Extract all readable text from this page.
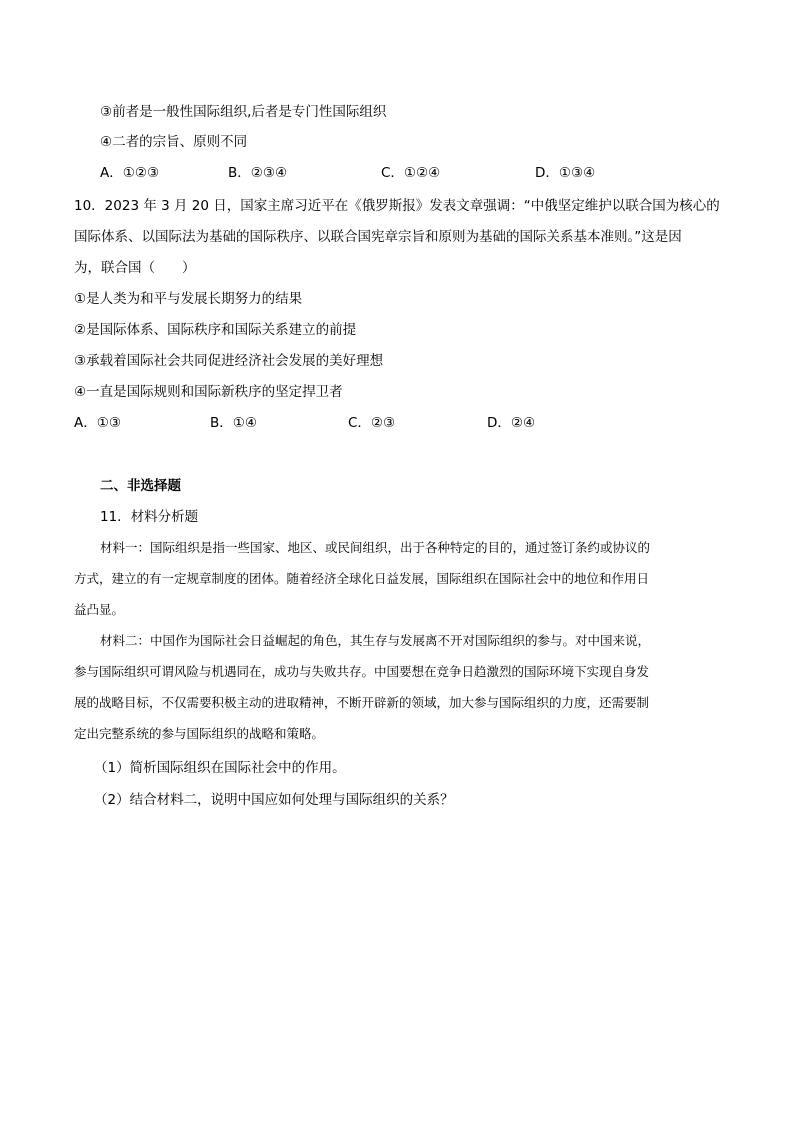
③前者是一般性国际组织,后者是专门性国际组织
④二者的宗旨、原则不同
A．①②③	B．②③④	C．①②④	D．①③④
10．2023 年 3 月 20 日，国家主席习近平在《俄罗斯报》发表文章强调：“中俄坚定维护以联合国为核心的
国际体系、以国际法为基础的国际秩序、以联合国宪章宗旨和原则为基础的国际关系基本准则。”这是因
为，联合国（　　）
①是人类为和平与发展长期努力的结果
②是国际体系、国际秩序和国际关系建立的前提
③承载着国际社会共同促进经济社会发展的美好理想
④一直是国际规则和国际新秩序的坚定捍卫者
A．①③	B．①④	C．②③	D．②④
二、非选择题
11．材料分析题
材料一：国际组织是指一些国家、地区、或民间组织，出于各种特定的目的，通过签订条约或协议的
方式，建立的有一定规章制度的团体。随着经济全球化日益发展，国际组织在国际社会中的地位和作用日
益凸显。
材料二：中国作为国际社会日益崛起的角色，其生存与发展离不开对国际组织的参与。对中国来说，
参与国际组织可谓风险与机遇同在，成功与失败共存。中国要想在竞争日趋激烈的国际环境下实现自身发
展的战略目标，不仅需要积极主动的进取精神，不断开辟新的领域，加大参与国际组织的力度，还需要制
定出完整系统的参与国际组织的战略和策略。
（1）简析国际组织在国际社会中的作用。
（2）结合材料二，说明中国应如何处理与国际组织的关系？
